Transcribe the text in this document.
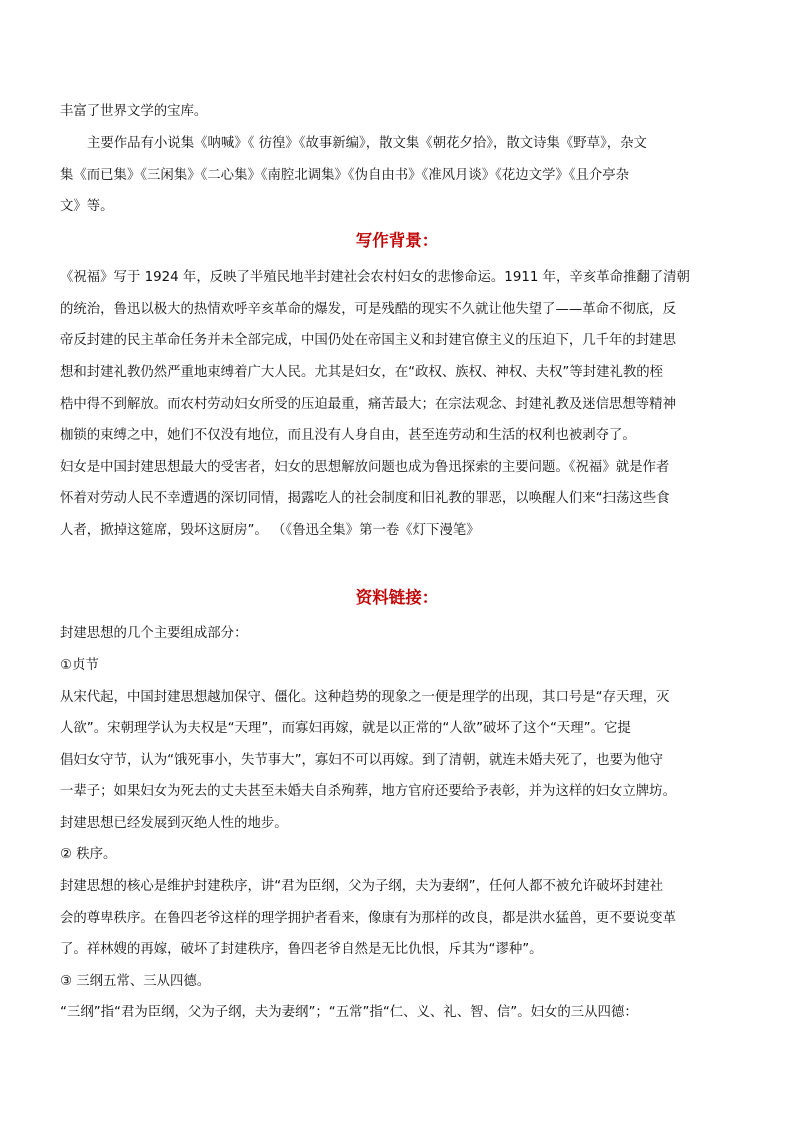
丰富了世界文学的宝库。
主要作品有小说集《呐喊》《 彷徨》《故事新编》，散文集《朝花夕拾》，散文诗集《野草》，杂文
集《而已集》《三闲集》《二心集》《南腔北调集》《伪自由书》《准风月谈》《花边文学》《且介亭杂
文》等。
写作背景：
《祝福》写于 1924 年，反映了半殖民地半封建社会农村妇女的悲惨命运。1911 年，辛亥革命推翻了清朝
的统治，鲁迅以极大的热情欢呼辛亥革命的爆发，可是残酷的现实不久就让他失望了——革命不彻底，反
帝反封建的民主革命任务并未全部完成，中国仍处在帝国主义和封建官僚主义的压迫下，几千年的封建思
想和封建礼教仍然严重地束缚着广大人民。尤其是妇女，在“政权、族权、神权、夫权”等封建礼教的桎
梏中得不到解放。而农村劳动妇女所受的压迫最重，痛苦最大；在宗法观念、封建礼教及迷信思想等精神
枷锁的束缚之中，她们不仅没有地位，而且没有人身自由，甚至连劳动和生活的权利也被剥夺了。
妇女是中国封建思想最大的受害者，妇女的思想解放问题也成为鲁迅探索的主要问题。《祝福》就是作者
怀着对劳动人民不幸遭遇的深切同情，揭露吃人的社会制度和旧礼教的罪恶，以唤醒人们来“扫荡这些食
人者，掀掉这筵席，毁坏这厨房”。 （《鲁迅全集》第一卷《灯下漫笔》
资料链接：
封建思想的几个主要组成部分：
①贞节
从宋代起，中国封建思想越加保守、僵化。这种趋势的现象之一便是理学的出现，其口号是“存天理，灭
人欲”。宋朝理学认为夫权是“天理”，而寡妇再嫁，就是以正常的“人欲”破坏了这个“天理”。它提
倡妇女守节，认为“饿死事小，失节事大”，寡妇不可以再嫁。到了清朝，就连未婚夫死了，也要为他守
一辈子；如果妇女为死去的丈夫甚至未婚夫自杀殉葬，地方官府还要给予表彰，并为这样的妇女立牌坊。
封建思想已经发展到灭绝人性的地步。
② 秩序。
封建思想的核心是维护封建秩序，讲“君为臣纲，父为子纲，夫为妻纲”，任何人都不被允许破坏封建社
会的尊卑秩序。在鲁四老爷这样的理学拥护者看来，像康有为那样的改良，都是洪水猛兽，更不要说变革
了。祥林嫂的再嫁，破坏了封建秩序，鲁四老爷自然是无比仇恨，斥其为“谬种”。
③ 三纲五常、三从四德。
“三纲”指“君为臣纲，父为子纲，夫为妻纲”；“五常”指“仁、义、礼、智、信”。妇女的三从四德：
